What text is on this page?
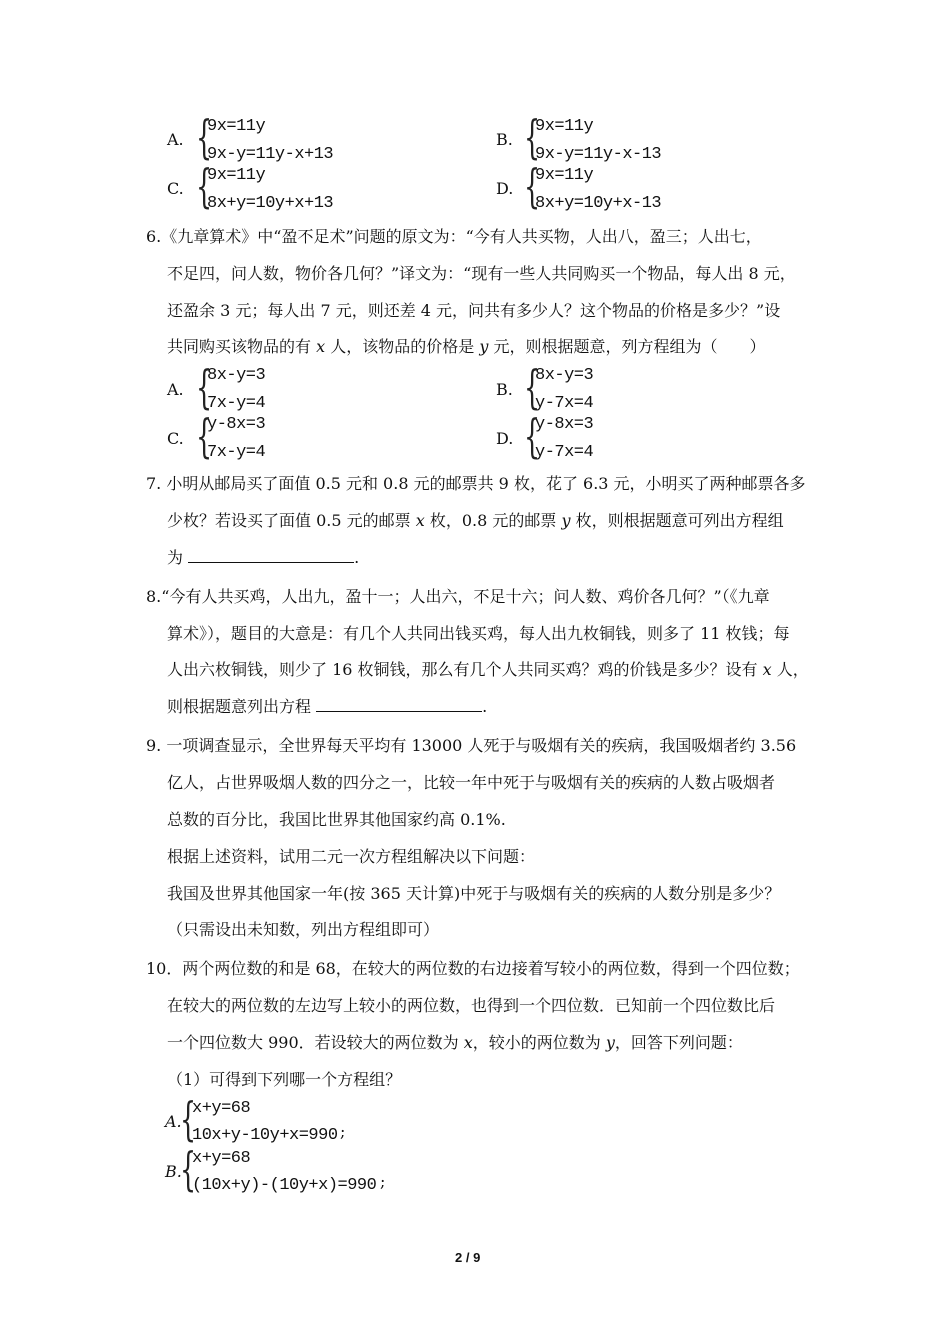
A. {
9x=11y
9x-y=11y-x+13
B. {
9x=11y
9x-y=11y-x-13
C. {
9x=11y
8x+y=10y+x+13
D. {
9x=11y
8x+y=10y+x-13
6.《九章算术》中“盈不足术”问题的原文为：“今有人共买物，人出八，盈三；人出七，
不足四，问人数，物价各几何？”译文为：“现有一些人共同购买一个物品，每人出 8 元，
还盈余 3 元；每人出 7 元，则还差 4 元，问共有多少人？这个物品的价格是多少？”设
共同购买该物品的有 x 人，该物品的价格是 y 元，则根据题意，列方程组为（　　）
A. {
8x-y=3
7x-y=4
B. {
8x-y=3
y-7x=4
C. {
y-8x=3
7x-y=4
D. {
y-8x=3
y-7x=4
7. 小明从邮局买了面值 0.5 元和 0.8 元的邮票共 9 枚，花了 6.3 元，小明买了两种邮票各多
少枚？若设买了面值 0.5 元的邮票 x 枚，0.8 元的邮票 y 枚，则根据题意可列出方程组
为	.
8.“今有人共买鸡，人出九，盈十一；人出六，不足十六；问人数、鸡价各几何？”（《九章
算术》），题目的大意是：有几个人共同出钱买鸡，每人出九枚铜钱，则多了 11 枚钱；每
人出六枚铜钱，则少了 16 枚铜钱，那么有几个人共同买鸡？鸡的价钱是多少？设有 x 人，
则根据题意列出方程	.
9. 一项调查显示，全世界每天平均有 13000 人死于与吸烟有关的疾病，我国吸烟者约 3.56
亿人，占世界吸烟人数的四分之一，比较一年中死于与吸烟有关的疾病的人数占吸烟者
总数的百分比，我国比世界其他国家约高 0.1%.
根据上述资料，试用二元一次方程组解决以下问题：
我国及世界其他国家一年(按 365 天计算)中死于与吸烟有关的疾病的人数分别是多少？
（只需设出未知数，列出方程组即可）
10．两个两位数的和是 68，在较大的两位数的右边接着写较小的两位数，得到一个四位数；
在较大的两位数的左边写上较小的两位数，也得到一个四位数．已知前一个四位数比后
一个四位数大 990．若设较大的两位数为 x，较小的两位数为 y，回答下列问题：
（1）可得到下列哪一个方程组？
A.
{
x+y=68
10x+y-10y+x=990 ;
B.
{
x+y=68
(10x+y)-(10y+x)=990 ;
2 / 9
